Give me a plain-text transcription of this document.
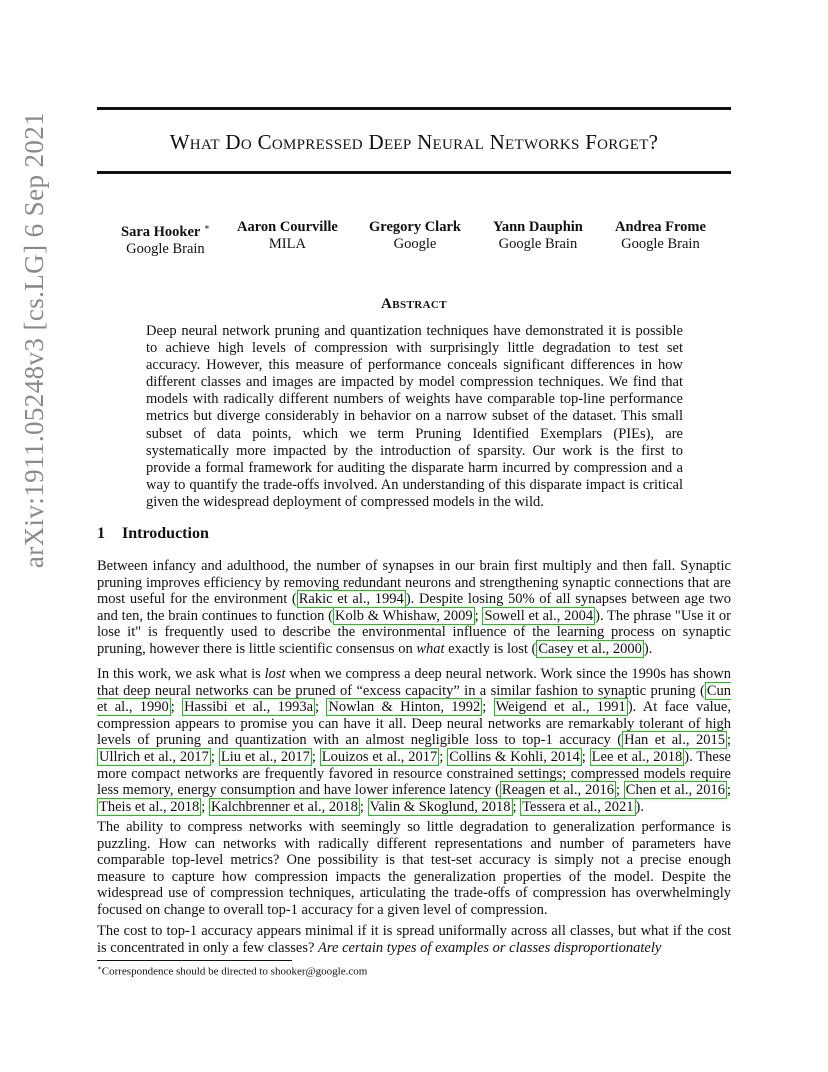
arXiv:1911.05248v3 [cs.LG] 6 Sep 2021	What Do Compressed Deep Neural Networks Forget?
Sara Hooker ∗
Google Brain
Aaron Courville
MILA
Gregory Clark
Google
Yann Dauphin
Google Brain
Andrea Frome
Google Brain
Abstract
Deep neural network pruning and quantization techniques have demonstrated it is possible to achieve high levels of compression with surprisingly little degradation to test set accuracy. However, this measure of performance conceals significant differences in how different classes and images are impacted by model compression techniques. We find that models with radically different numbers of weights have comparable top-line performance metrics but diverge considerably in behavior on a narrow subset of the dataset. This small subset of data points, which we term Pruning Identified Exemplars (PIEs), are systematically more impacted by the introduction of sparsity. Our work is the first to provide a formal framework for auditing the disparate harm incurred by compression and a way to quantify the trade-offs involved. An understanding of this disparate impact is critical given the widespread deployment of compressed models in the wild.
1 Introduction
Between infancy and adulthood, the number of synapses in our brain first multiply and then fall. Synaptic pruning improves efficiency by removing redundant neurons and strengthening synaptic connections that are most useful for the environment ( Rakic et al., 1994 ). Despite losing 50% of all synapses between age two and ten, the brain continues to function ( Kolb & Whishaw, 2009 ; Sowell et al., 2004 ). The phrase "Use it or lose it" is frequently used to describe the environmental influence of the learning process on synaptic pruning, however there is little scientific consensus on what exactly is lost ( Casey et al., 2000 ).
In this work, we ask what is lost when we compress a deep neural network. Work since the 1990s has shown that deep neural networks can be pruned of “excess capacity” in a similar fashion to synaptic pruning ( Cun et al., 1990 ; Hassibi et al., 1993a ; Nowlan & Hinton, 1992 ; Weigend et al., 1991 ). At face value, compression appears to promise you can have it all. Deep neural networks are remarkably tolerant of high levels of pruning and quantization with an almost negligible loss to top-1 accuracy ( Han et al., 2015 ; Ullrich et al., 2017 ; Liu et al., 2017 ; Louizos et al., 2017 ; Collins & Kohli, 2014 ; Lee et al., 2018 ). These more compact networks are frequently favored in resource constrained settings; compressed models require less memory, energy consumption and have lower inference latency ( Reagen et al., 2016 ; Chen et al., 2016 ; Theis et al., 2018 ; Kalchbrenner et al., 2018 ; Valin & Skoglund, 2018 ; Tessera et al., 2021 ).
The ability to compress networks with seemingly so little degradation to generalization performance is puzzling. How can networks with radically different representations and number of parameters have comparable top-level metrics? One possibility is that test-set accuracy is simply not a precise enough measure to capture how compression impacts the generalization properties of the model. Despite the widespread use of compression techniques, articulating the trade-offs of compression has overwhelmingly focused on change to overall top-1 accuracy for a given level of compression.
The cost to top-1 accuracy appears minimal if it is spread uniformally across all classes, but what if the cost is concentrated in only a few classes? Are certain types of examples or classes disproportionately
∗Correspondence should be directed to shooker@google.com
